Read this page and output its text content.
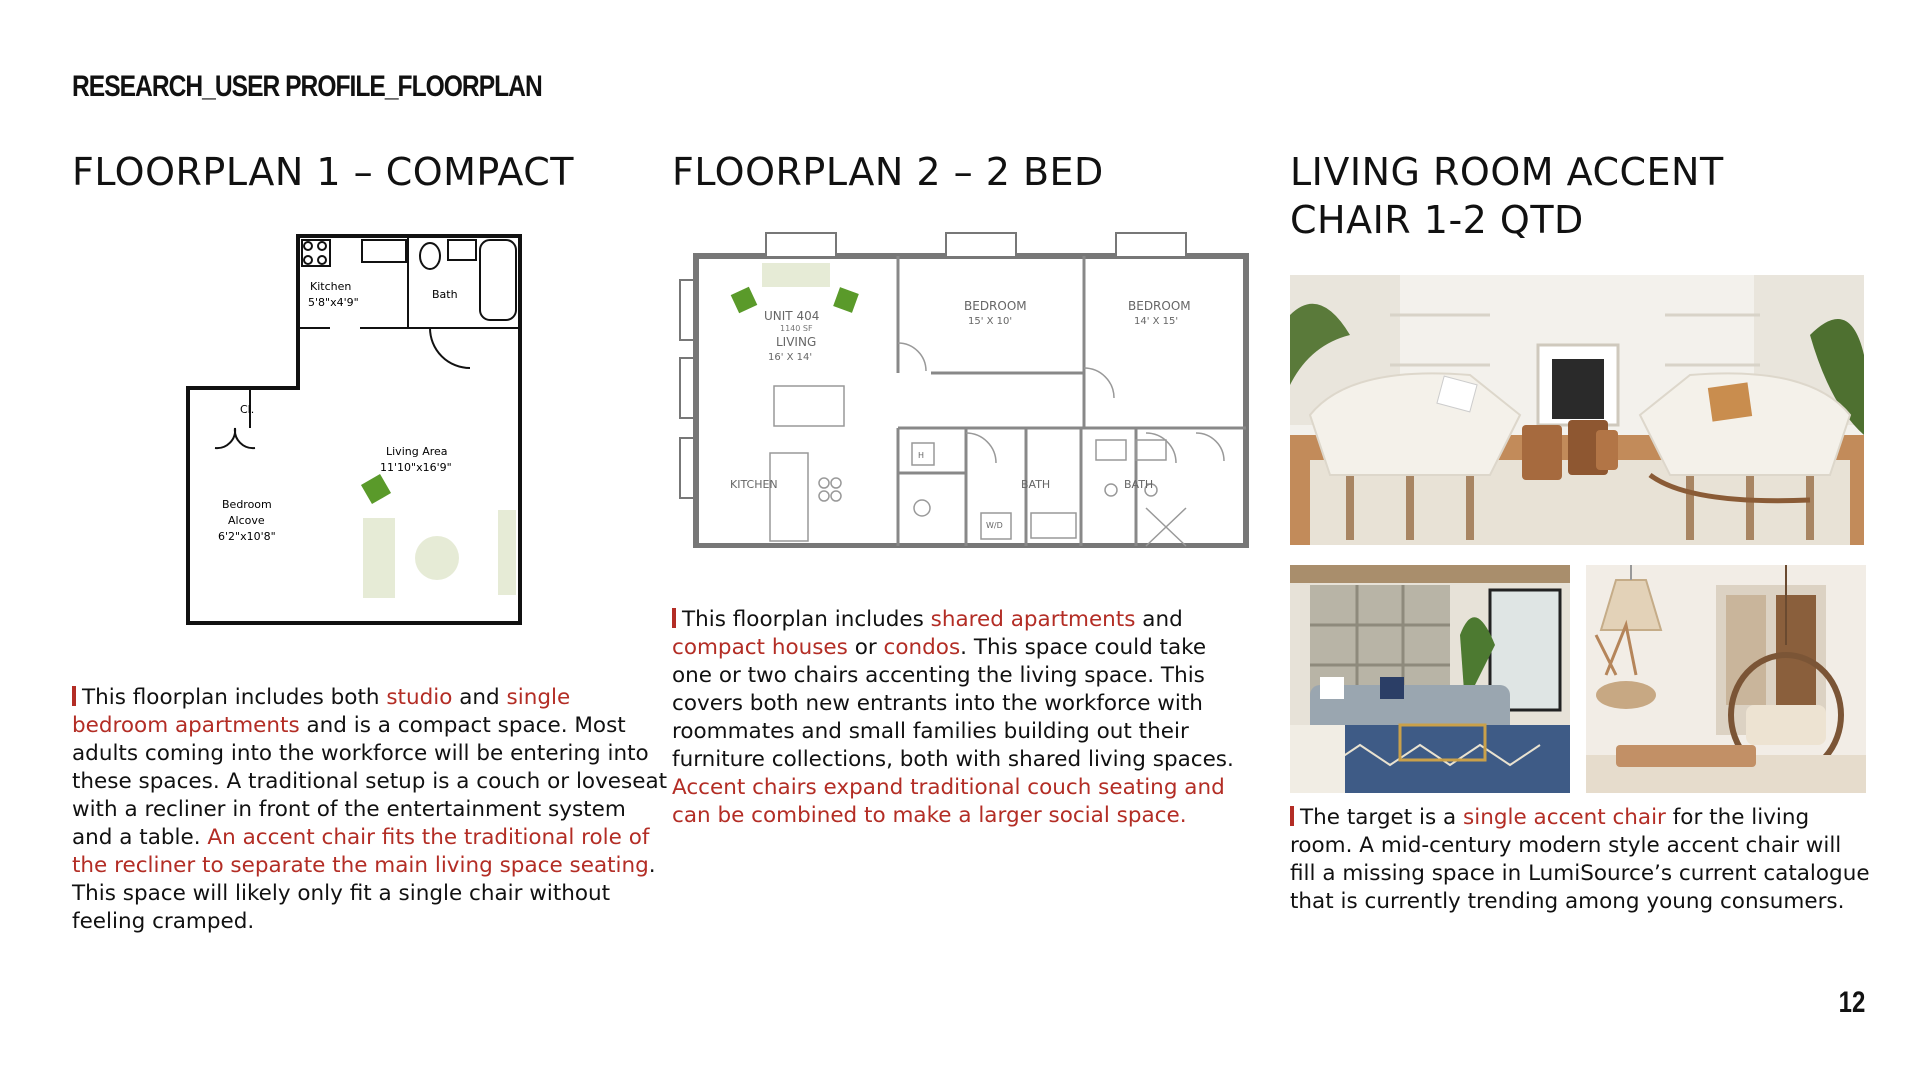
RESEARCH_USER PROFILE_FLOORPLAN
FLOORPLAN 1 – COMPACT	FLOORPLAN 2 – 2 BED	LIVING ROOM ACCENT CHAIR 1-2 QTD
Kitchen
5'8"x4'9"
Bath
Cl.
Living Area
11'10"x16'9"
Bedroom
Alcove
6'2"x10'8"
UNIT 404
1140 SF
LIVING
16' X 14'
BEDROOM
15' X 10'
BEDROOM
14' X 15'
KITCHEN	BATH	BATH
W/D
H
This floorplan includes both studio and single bedroom apartments and is a compact space. Most adults coming into the workforce will be entering into these spaces. A traditional setup is a couch or loveseat with a recliner in front of the entertainment system and a table. An accent chair fits the traditional role of the recliner to separate the main living space seating. This space will likely only fit a single chair without feeling cramped.
This floorplan includes shared apartments and compact houses or condos. This space could take one or two chairs accenting the living space. This covers both new entrants into the workforce with roommates and small families building out their furniture collections, both with shared living spaces. Accent chairs expand traditional couch seating and can be combined to make a larger social space.	The target is a single accent chair for the living room. A mid-century modern style accent chair will fill a missing space in LumiSource’s current catalogue that is currently trending among young consumers.
12
